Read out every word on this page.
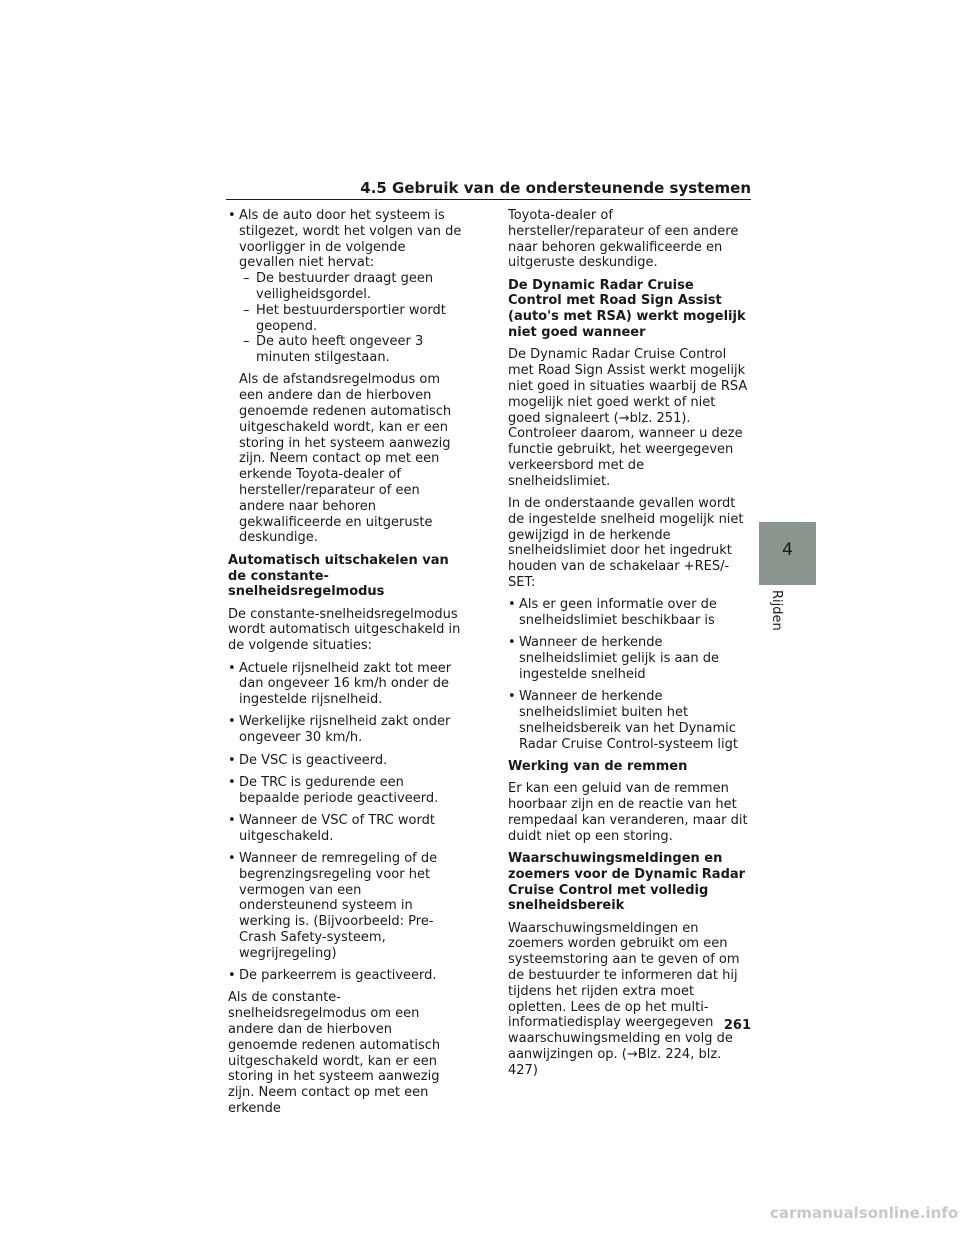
4.5 Gebruik van de ondersteunende systemen
• Als de auto door het systeem is stilgezet, wordt het volgen van de voorligger in de volgende gevallen niet hervat:
– De bestuurder draagt geen veiligheidsgordel.
– Het bestuurdersportier wordt geopend.
– De auto heeft ongeveer 3 minuten stilgestaan.

Als de afstandsregelmodus om een andere dan de hierboven genoemde redenen automatisch uitgeschakeld wordt, kan er een storing in het systeem aanwezig zijn. Neem contact op met een erkende Toyota-dealer of hersteller/reparateur of een andere naar behoren gekwalificeerde en uitgeruste deskundige.

Automatisch uitschakelen van de constante-snelheidsregelmodus

De constante-snelheidsregelmodus wordt automatisch uitgeschakeld in de volgende situaties:

• Actuele rijsnelheid zakt tot meer dan ongeveer 16 km/h onder de ingestelde rijsnelheid.
• Werkelijke rijsnelheid zakt onder ongeveer 30 km/h.
• De VSC is geactiveerd.
• De TRC is gedurende een bepaalde periode geactiveerd.
• Wanneer de VSC of TRC wordt uitgeschakeld.
• Wanneer de remregeling of de begrenzingsregeling voor het vermogen van een ondersteunend systeem in werking is. (Bijvoorbeeld: Pre-Crash Safety-systeem, wegrijregeling)
• De parkeerrem is geactiveerd.

Als de constante-snelheidsregelmodus om een andere dan de hierboven genoemde redenen automatisch uitgeschakeld wordt, kan er een storing in het systeem aanwezig zijn. Neem contact op met een erkende

Toyota-dealer of hersteller/reparateur of een andere naar behoren gekwalificeerde en uitgeruste deskundige.

De Dynamic Radar Cruise Control met Road Sign Assist (auto's met RSA) werkt mogelijk niet goed wanneer

De Dynamic Radar Cruise Control met Road Sign Assist werkt mogelijk niet goed in situaties waarbij de RSA mogelijk niet goed werkt of niet goed signaleert (→blz. 251). Controleer daarom, wanneer u deze functie gebruikt, het weergegeven verkeersbord met de snelheidslimiet.

In de onderstaande gevallen wordt de ingestelde snelheid mogelijk niet gewijzigd in de herkende snelheidslimiet door het ingedrukt houden van de schakelaar +RES/-SET:

• Als er geen informatie over de snelheidslimiet beschikbaar is
• Wanneer de herkende snelheidslimiet gelijk is aan de ingestelde snelheid
• Wanneer de herkende snelheidslimiet buiten het snelheidsbereik van het Dynamic Radar Cruise Control-systeem ligt

Werking van de remmen

Er kan een geluid van de remmen hoorbaar zijn en de reactie van het rempedaal kan veranderen, maar dit duidt niet op een storing.

Waarschuwingsmeldingen en zoemers voor de Dynamic Radar Cruise Control met volledig snelheidsbereik

Waarschuwingsmeldingen en zoemers worden gebruikt om een systeemstoring aan te geven of om de bestuurder te informeren dat hij tijdens het rijden extra moet opletten. Lees de op het multi-informatiedisplay weergegeven waarschuwingsmelding en volg de aanwijzingen op. (→Blz. 224, blz. 427)

4
Rijden
261
carmanualsonline.info
